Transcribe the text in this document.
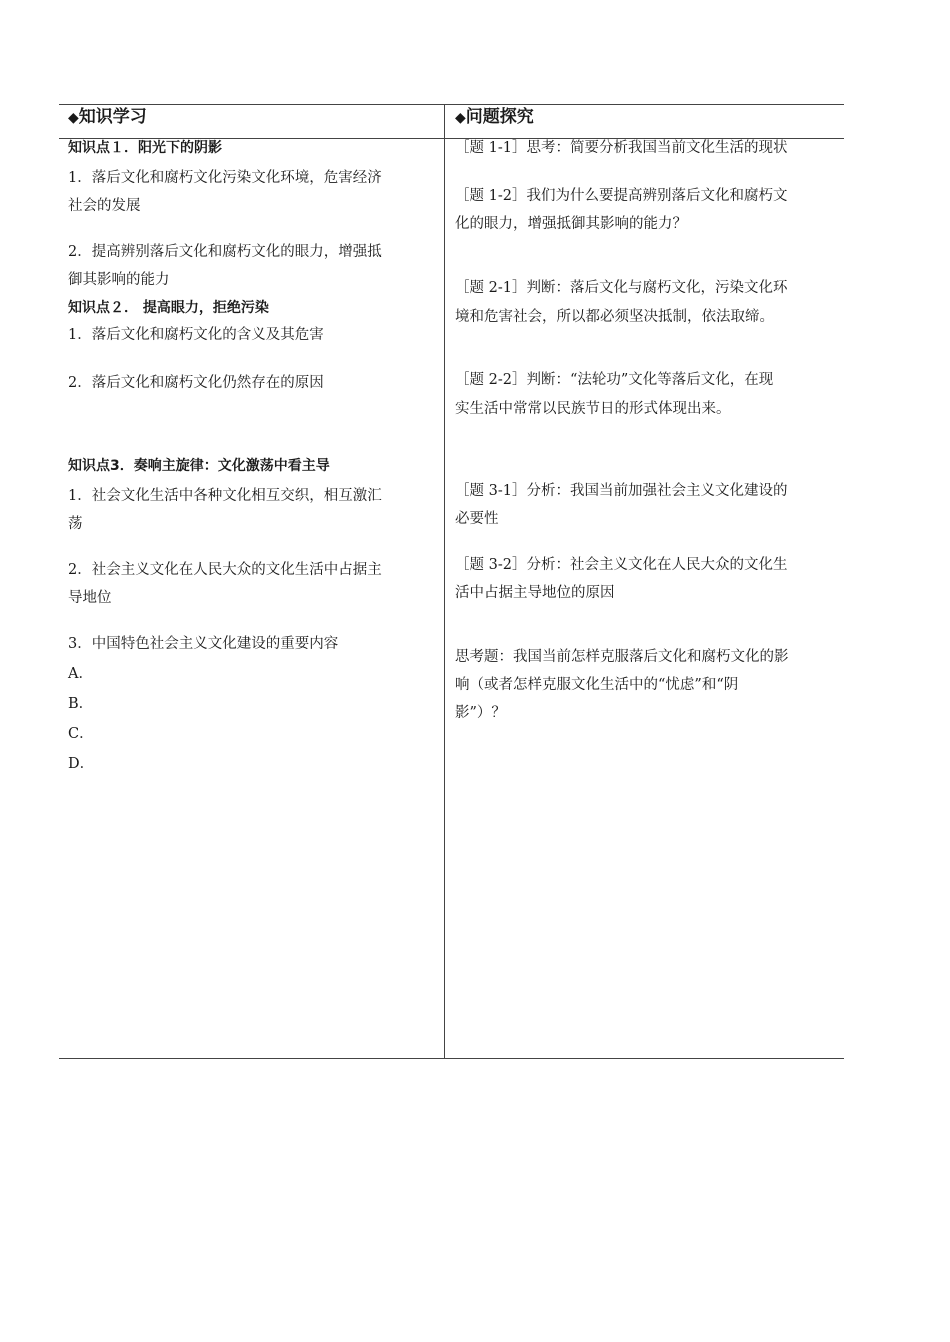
◆知识学习	◆问题探究
知识点１．阳光下的阴影
1．落后文化和腐朽文化污染文化环境，危害经济
社会的发展
2．提高辨别落后文化和腐朽文化的眼力，增强抵
御其影响的能力
知识点２． 提高眼力，拒绝污染
1．落后文化和腐朽文化的含义及其危害
2．落后文化和腐朽文化仍然存在的原因
知识点3．奏响主旋律：文化激荡中看主导
1．社会文化生活中各种文化相互交织，相互激汇
荡
2．社会主义文化在人民大众的文化生活中占据主
导地位
3．中国特色社会主义文化建设的重要内容
A．
B．
C．
D．
［题 1-1］思考：简要分析我国当前文化生活的现状
［题 1-2］我们为什么要提高辨别落后文化和腐朽文
化的眼力，增强抵御其影响的能力？
［题 2-1］判断：落后文化与腐朽文化，污染文化环
境和危害社会，所以都必须坚决抵制，依法取缔。
［题 2-2］判断：“法轮功”文化等落后文化，在现
实生活中常常以民族节日的形式体现出来。
［题 3-1］分析：我国当前加强社会主义文化建设的
必要性
［题 3-2］分析：社会主义文化在人民大众的文化生
活中占据主导地位的原因
思考题：我国当前怎样克服落后文化和腐朽文化的影
响（或者怎样克服文化生活中的“忧虑”和“阴
影”）？
